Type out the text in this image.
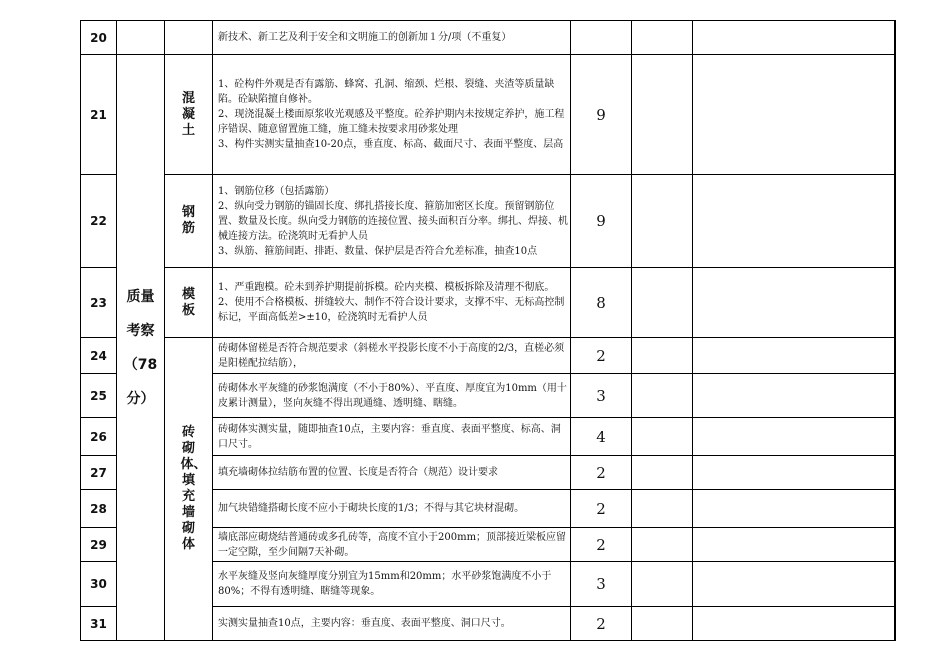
20			新技术、新工艺及利于安全和文明施工的创新加１分/项（不重复）				

21	质量
考察
（78
分）	混凝土	1、砼构件外观是否有露筋、蜂窝、孔洞、缩颈、烂根、裂缝、夹渣等质量缺陷。砼缺陷擅自修补。
2、现浇混凝土楼面原浆收光观感及平整度。砼养护期内未按规定养护，施工程序错误、随意留置施工缝，施工缝未按要求用砂浆处理
3、构件实测实量抽查10-20点，垂直度、标高、截面尺寸、表面平整度、层高	9			
22		钢筋	1、钢筋位移（包括露筋）
2、纵向受力钢筋的锚固长度、绑扎搭接长度、箍筋加密区长度。预留钢筋位置、数量及长度。纵向受力钢筋的连接位置、接头面积百分率。绑扎、焊接、机械连接方法。砼浇筑时无看护人员
3、纵筋、箍筋间距、排距、数量、保护层是否符合允差标准，抽查10点	9			
23		模板	1、严重跑模。砼未到养护期提前拆模。砼内夹模、模板拆除及清理不彻底。
2、使用不合格模板、拼缝较大、制作不符合设计要求，支撑不牢、无标高控制标记，平面高低差>±10，砼浇筑时无看护人员	8			
24		砖砌体、填充墙砌体	砖砌体留槎是否符合规范要求（斜槎水平投影长度不小于高度的2/3，直槎必须是阳槎配拉结筋），	2			
25			砖砌体水平灰缝的砂浆饱满度（不小于80%）、平直度、厚度宜为10mm（用十皮累计测量），竖向灰缝不得出现通缝、透明缝、瞎缝。	3			
26			砖砌体实测实量，随即抽查10点，主要内容：垂直度、表面平整度、标高、洞口尺寸。	4			
27			填充墙砌体拉结筋布置的位置、长度是否符合（规范）设计要求	2			
28			加气块错缝搭砌长度不应小于砌块长度的1/3；不得与其它块材混砌。	2			
29			墙底部应砌烧结普通砖或多孔砖等，高度不宜小于200mm；顶部接近梁板应留一定空隙，至少间隔7天补砌。	2			
30			水平灰缝及竖向灰缝厚度分别宜为15mm和20mm；水平砂浆饱满度不小于80%；不得有透明缝、瞎缝等现象。	3			
31			实测实量抽查10点，主要内容：垂直度、表面平整度、洞口尺寸。	2			
